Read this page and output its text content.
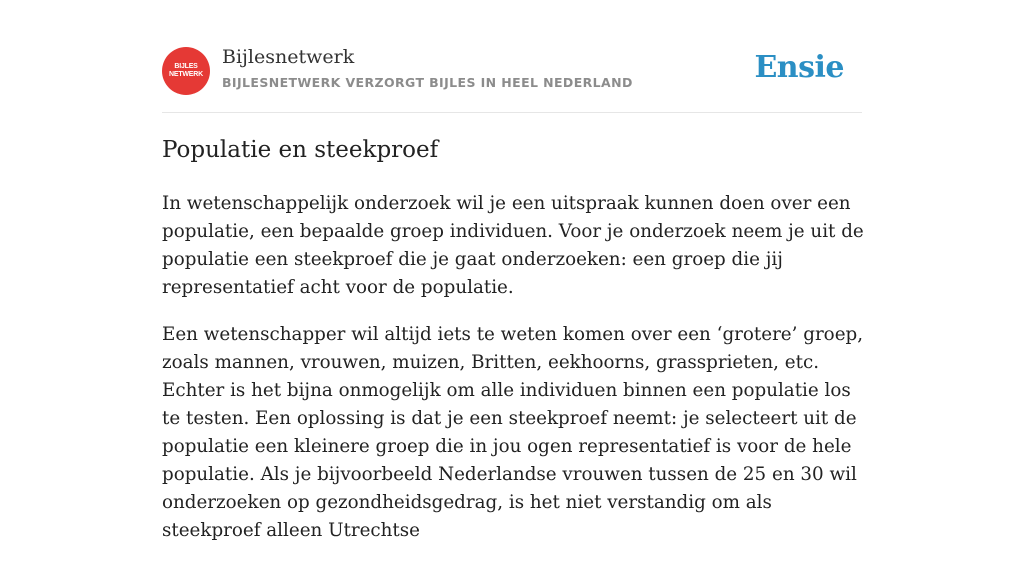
BIJLES
NETWERK
Bijlesnetwerk
BIJLESNETWERK VERZORGT BIJLES IN HEEL NEDERLAND	Ensie
Populatie en steekproef

In wetenschappelijk onderzoek wil je een uitspraak kunnen doen over een populatie, een bepaalde groep individuen. Voor je onderzoek neem je uit de populatie een steekproef die je gaat onderzoeken: een groep die jij representatief acht voor de populatie.

Een wetenschapper wil altijd iets te weten komen over een ‘grotere’ groep, zoals mannen, vrouwen, muizen, Britten, eekhoorns, grassprieten, etc. Echter is het bijna onmogelijk om alle individuen binnen een populatie los te testen. Een oplossing is dat je een steekproef neemt: je selecteert uit de populatie een kleinere groep die in jou ogen representatief is voor de hele populatie. Als je bijvoorbeeld Nederlandse vrouwen tussen de 25 en 30 wil onderzoeken op gezondheidsgedrag, is het niet verstandig om als steekproef alleen Utrechtse
